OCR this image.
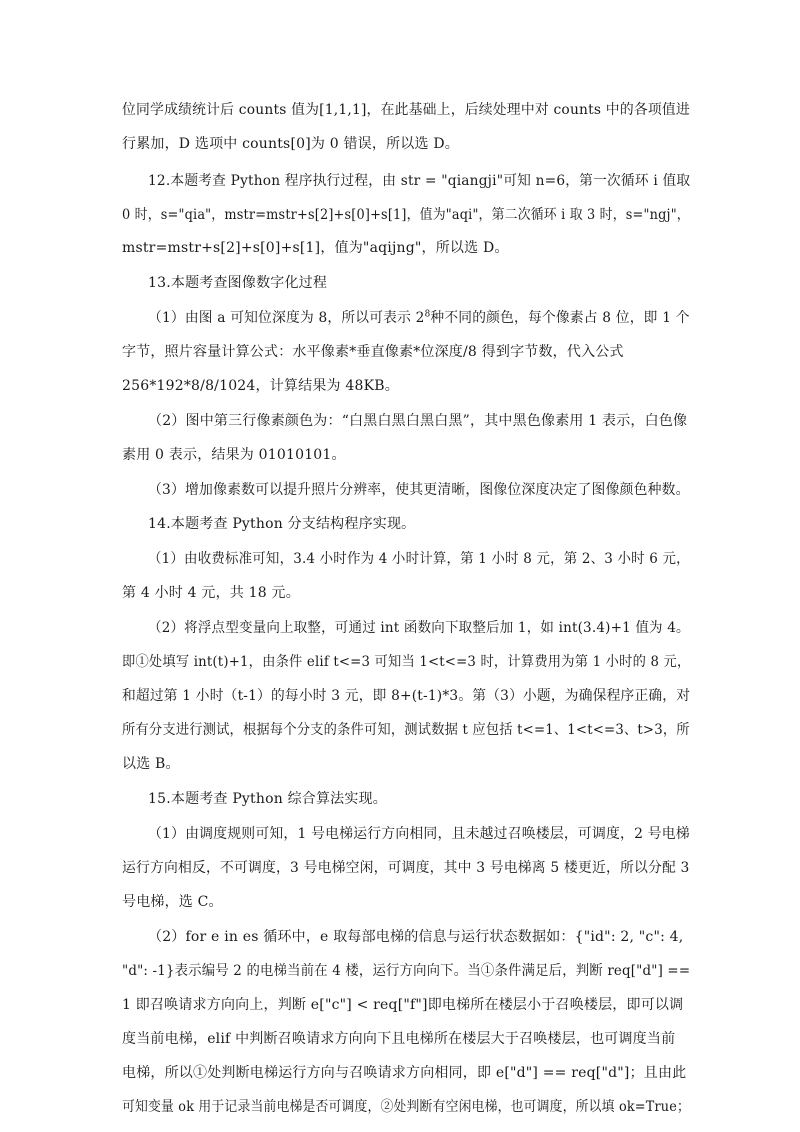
位同学成绩统计后 counts 值为[1,1,1]，在此基础上，后续处理中对 counts 中的各项值进
行累加，D 选项中 counts[0]为 0 错误，所以选 D。
12.本题考查 Python 程序执行过程，由 str = "qiangji"可知 n=6，第一次循环 i 值取
0 时，s="qia"，mstr=mstr+s[2]+s[0]+s[1]，值为"aqi"，第二次循环 i 取 3 时，s="ngj"，
mstr=mstr+s[2]+s[0]+s[1]，值为"aqijng"，所以选 D。
13.本题考查图像数字化过程
（1）由图 a 可知位深度为 8，所以可表示 $2^8$种不同的颜色，每个像素占 8 位，即 1 个
字节，照片容量计算公式：水平像素*垂直像素*位深度/8 得到字节数，代入公式
256*192*8/8/1024，计算结果为 48KB。
（2）图中第三行像素颜色为：“白黑白黑白黑白黑”，其中黑色像素用 1 表示，白色像
素用 0 表示，结果为 01010101。
（3）增加像素数可以提升照片分辨率，使其更清晰，图像位深度决定了图像颜色种数。
14.本题考查 Python 分支结构程序实现。
（1）由收费标准可知，3.4 小时作为 4 小时计算，第 1 小时 8 元，第 2、3 小时 6 元，
第 4 小时 4 元，共 18 元。
（2）将浮点型变量向上取整，可通过 int 函数向下取整后加 1，如 int(3.4)+1 值为 4。
即①处填写 int(t)+1，由条件 elif t<=3 可知当 1<t<=3 时，计算费用为第 1 小时的 8 元，
和超过第 1 小时（t-1）的每小时 3 元，即 8+(t-1)*3。第（3）小题，为确保程序正确，对
所有分支进行测试，根据每个分支的条件可知，测试数据 t 应包括 t<=1、1<t<=3、t>3，所
以选 B。
15.本题考查 Python 综合算法实现。
（1）由调度规则可知，1 号电梯运行方向相同，且未越过召唤楼层，可调度，2 号电梯
运行方向相反，不可调度，3 号电梯空闲，可调度，其中 3 号电梯离 5 楼更近，所以分配 3
号电梯，选 C。
（2）for e in es 循环中，e 取每部电梯的信息与运行状态数据如：{"id": 2, "c": 4,
"d": -1}表示编号 2 的电梯当前在 4 楼，运行方向向下。当①条件满足后，判断 req["d"] ==
1 即召唤请求方向向上，判断 e["c"] < req["f"]即电梯所在楼层小于召唤楼层，即可以调
度当前电梯，elif 中判断召唤请求方向向下且电梯所在楼层大于召唤楼层，也可调度当前
电梯，所以①处判断电梯运行方向与召唤请求方向相同，即 e["d"] == req["d"]；且由此
可知变量 ok 用于记录当前电梯是否可调度，②处判断有空闲电梯，也可调度，所以填 ok=True；
